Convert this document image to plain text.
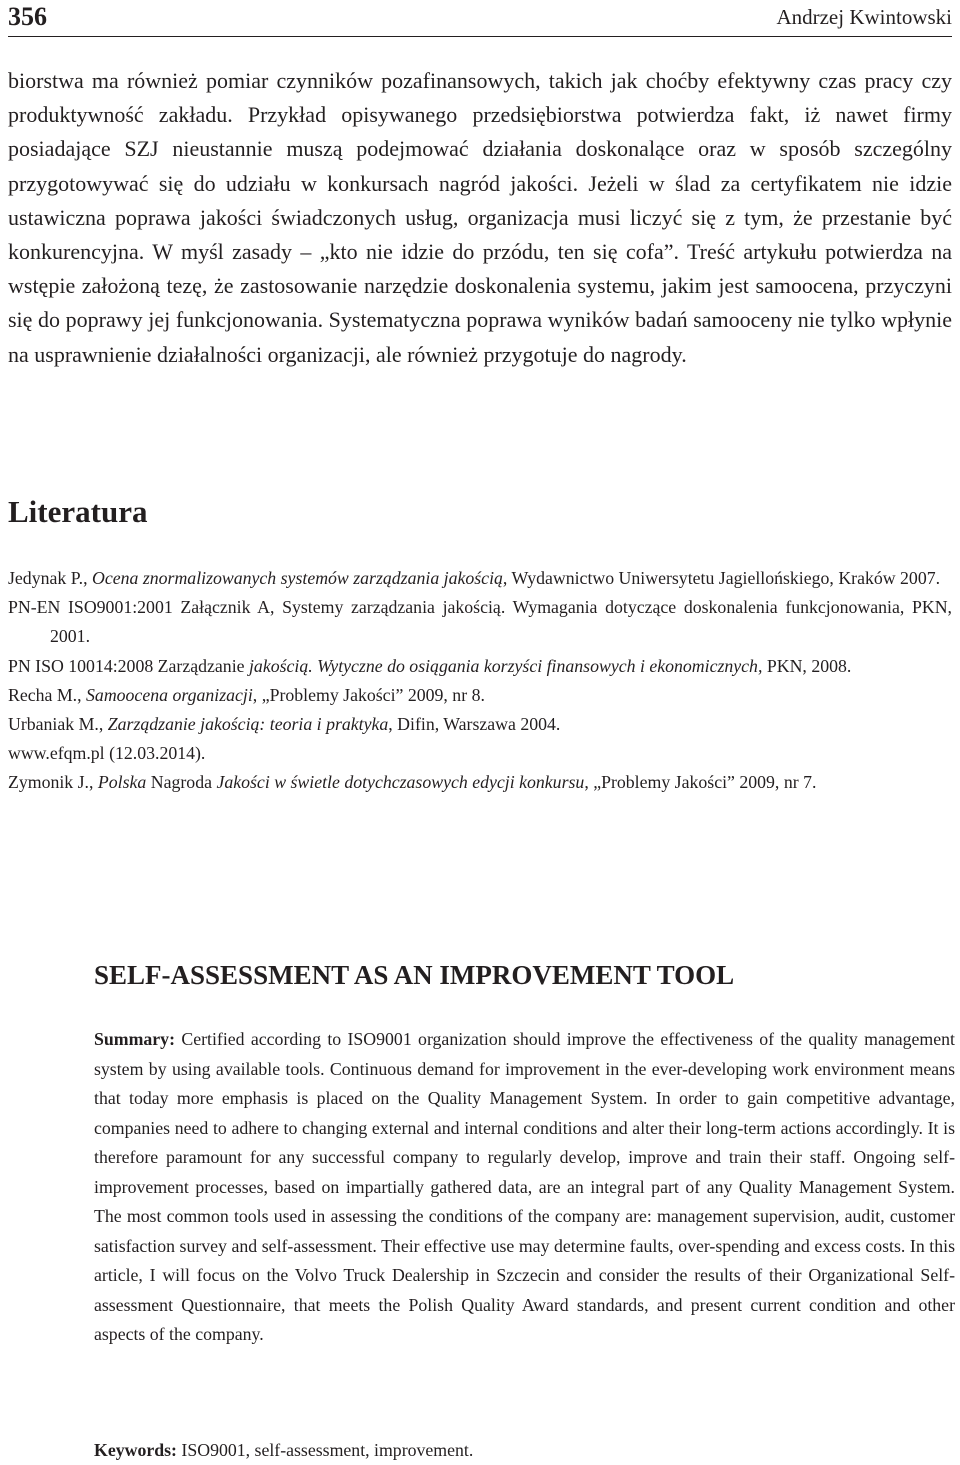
356	Andrzej Kwintowski

biorstwa ma również pomiar czynników pozafinansowych, takich jak choćby efektywny czas pracy czy produktywność zakładu. Przykład opisywanego przedsiębiorstwa potwierdza fakt, iż nawet firmy posiadające SZJ nieustannie muszą podejmować działania doskonalące oraz w sposób szczególny przygotowywać się do udziału w konkursach nagród jakości. Jeżeli w ślad za certyfikatem nie idzie ustawiczna poprawa jakości świadczonych usług, organizacja musi liczyć się z tym, że przestanie być konkurencyjna. W myśl zasady – „kto nie idzie do przódu, ten się cofa”. Treść artykułu potwierdza na wstępie założoną tezę, że zastosowanie narzędzie doskonalenia systemu, jakim jest samoocena, przyczyni się do poprawy jej funkcjonowania. Systematyczna poprawa wyników badań samooceny nie tylko wpłynie na usprawnienie działalności organizacji, ale również przygotuje do nagrody.

Literatura
Jedynak P., Ocena znormalizowanych systemów zarządzania jakością, Wydawnictwo Uniwersytetu Jagiellońskiego, Kraków 2007.
PN-EN ISO9001:2001 Załącznik A, Systemy zarządzania jakością. Wymagania dotyczące doskonalenia funkcjonowania, PKN, 2001.
PN ISO 10014:2008 Zarządzanie jakością. Wytyczne do osiągania korzyści finansowych i ekonomicznych, PKN, 2008.
Recha M., Samoocena organizacji, „Problemy Jakości” 2009, nr 8.
Urbaniak M., Zarządzanie jakością: teoria i praktyka, Difin, Warszawa 2004.
www.efqm.pl (12.03.2014).
Zymonik J., Polska Nagroda Jakości w świetle dotychczasowych edycji konkursu, „Problemy Jakości” 2009, nr 7.
SELF-ASSESSMENT AS AN IMPROVEMENT TOOL

Summary: Certified according to ISO9001 organization should improve the effectiveness of the quality management system by using available tools. Continuous demand for improvement in the ever-developing work environment means that today more emphasis is placed on the Quality Management System. In order to gain competitive advantage, companies need to adhere to changing external and internal conditions and alter their long-term actions accordingly. It is therefore paramount for any successful company to regularly develop, improve and train their staff. Ongoing self-improvement processes, based on impartially gathered data, are an integral part of any Quality Management System. The most common tools used in assessing the conditions of the company are: management supervision, audit, customer satisfaction survey and self-assessment. Their effective use may determine faults, over-spending and excess costs. In this article, I will focus on the Volvo Truck Dealership in Szczecin and consider the results of their Organizational Self-assessment Questionnaire, that meets the Polish Quality Award standards, and present current condition and other aspects of the company.

Keywords: ISO9001, self-assessment, improvement.
